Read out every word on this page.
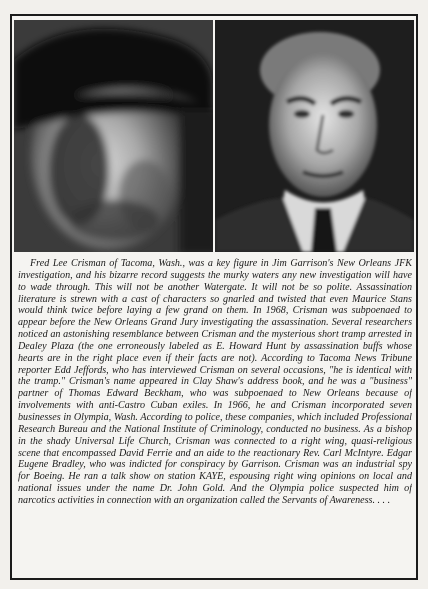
Fred Lee Crisman of Tacoma, Wash., was a key figure in Jim Garrison's New Orleans JFK investigation, and his bizarre record suggests the murky waters any new investigation will have to wade through. This will not be another Watergate. It will not be so polite. Assassination literature is strewn with a cast of characters so gnarled and twisted that even Maurice Stans would think twice before laying a few grand on them. In 1968, Crisman was subpoenaed to appear before the New Orleans Grand Jury investigating the assassination. Several researchers noticed an astonishing resemblance between Crisman and the mysterious short tramp arrested in Dealey Plaza (the one erroneously labeled as E. Howard Hunt by assassination buffs whose hearts are in the right place even if their facts are not). According to Tacoma News Tribune reporter Edd Jeffords, who has interviewed Crisman on several occasions, "he is identical with the tramp." Crisman's name appeared in Clay Shaw's address book, and he was a "business" partner of Thomas Edward Beckham, who was subpoenaed to New Orleans because of involvements with anti-Castro Cuban exiles. In 1966, he and Crisman incorporated seven businesses in Olympia, Wash. According to police, these companies, which included Professional Research Bureau and the National Institute of Criminology, conducted no business. As a bishop in the shady Universal Life Church, Crisman was connected to a right wing, quasi-religious scene that encompassed David Ferrie and an aide to the reactionary Rev. Carl McIntyre. Edgar Eugene Bradley, who was indicted for conspiracy by Garrison. Crisman was an industrial spy for Boeing. He ran a talk show on station KAYE, espousing right wing opinions on local and national issues under the name Dr. John Gold. And the Olympia police suspected him of narcotics activities in connection with an organization called the Servants of Awareness. . . .
